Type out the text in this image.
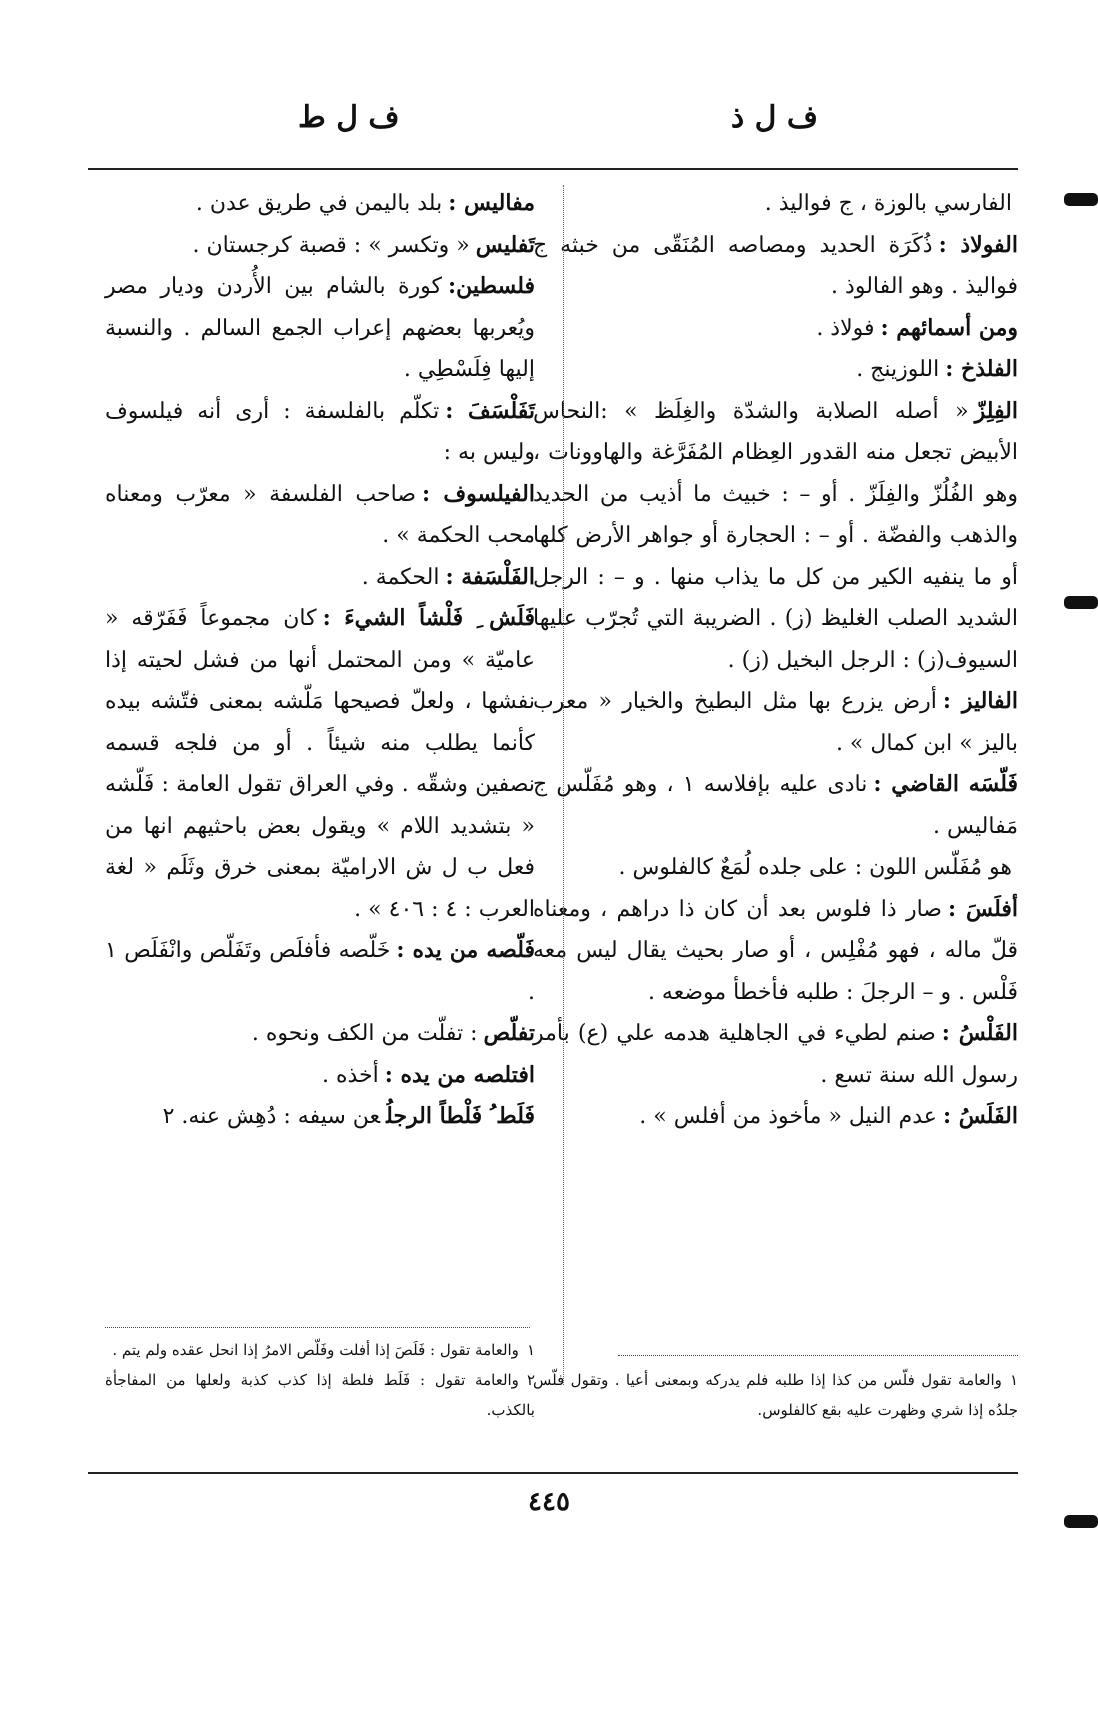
ف ل ذ
ف ل ط

الفارسي بالوزة ، ج فواليذ .

الفولاذ :ذُكَرَة الحديد ومصاصه المُنَقّى من خبثه ج فواليذ . وهو الفالوذ .

ومن أسمائهم :فولاذ .

الفلذخ :اللوزينج .

الفِلِزّ« أصله الصلابة والشدّة والغِلَظ » :النحاس الأبيض تجعل منه القدور العِظام المُفَرَّغة والهاوونات ، وهو الفُلُزّ والفِلَزّ . أو – : خبيث ما أذيب من الحديد والذهب والفضّة . أو – : الحجارة أو جواهر الأرض كلها أو ما ينفيه الكير من كل ما يذاب منها . و – : الرجل الشديد الصلب الغليظ (ز) . الضريبة التي تُجرّب عليها السيوف(ز) : الرجل البخيل (ز) .

الفاليز :أرض يزرع بها مثل البطيخ والخيار « معرب باليز » ابن كمال » .

فَلّسَه القاضي :نادى عليه بإفلاسه ١ ، وهو مُفَلّس ج مَفاليس .

هو مُفَلّس اللون : على جلده لُمَعٌ كالفلوس .

أفلَسَ :صار ذا فلوس بعد أن كان ذا دراهم ، ومعناه قلّ ماله ، فهو مُفْلِس ، أو صار بحيث يقال ليس معه فَلْس . و – الرجلَ : طلبه فأخطأ موضعه .

الفَلْسُ :صنم لطيء في الجاهلية هدمه علي (ع) بأمر رسول الله سنة تسع .

الفَلَسُ :عدم النيل « مأخوذ من أفلس » .

مفاليس :بلد باليمن في طريق عدن .

تَفليس« وتكسر » : قصبة كرجستان .

فلسطين:كورة بالشام بين الأُردن وديار مصر ويُعربها بعضهم إعراب الجمع السالم . والنسبة إليها فِلَسْطِي .

تَفَلْسَفَ :تكلّم بالفلسفة : أرى أنه فيلسوف وليس به :

الفيلسوف :صاحب الفلسفة « معرّب ومعناه محب الحكمة » .

الفَلْسَفة :الحكمة .

فَلَش ِ فَلْشاً الشيءَ :كان مجموعاً فَفَرّقه « عاميّة » ومن المحتمل أنها من فشل لحيته إذا نفشها ، ولعلّ فصيحها مَلّشه بمعنى فتّشه بيده كأنما يطلب منه شيئاً . أو من فلجه قسمه نصفين وشقّه . وفي العراق تقول العامة : فَلّشه « بتشديد اللام » ويقول بعض باحثيهم انها من فعل ب ل ش الاراميّة بمعنى خرق وثَلَم « لغة العرب : ٤ : ٤٠٦ » .

فَلّصه من يده :خَلّصه فأفلَص وتَفَلّص وانْفَلَص ١ .

تفلّص: تفلّت من الكف ونحوه .

افتلصه من يده :أخذه .

فَلَط ُ فَلْطاً الرجلُعن سيفه : دُهِش عنه. ٢

١والعامة تقول فلّس من كذا إذا طلبه فلم يدركه وبمعنى أعيا . وتقول فلّس جلدُه إذا شري وظهرت عليه بقع كالفلوس.
١والعامة تقول : فَلَصَ إذا أفلت وفَلّص الامرُ إذا انحل عقده ولم يتم .
٢والعامة تقول : فَلَط فلطة إذا كذب كذبة ولعلها من المفاجأة بالكذب.
٤٤٥
